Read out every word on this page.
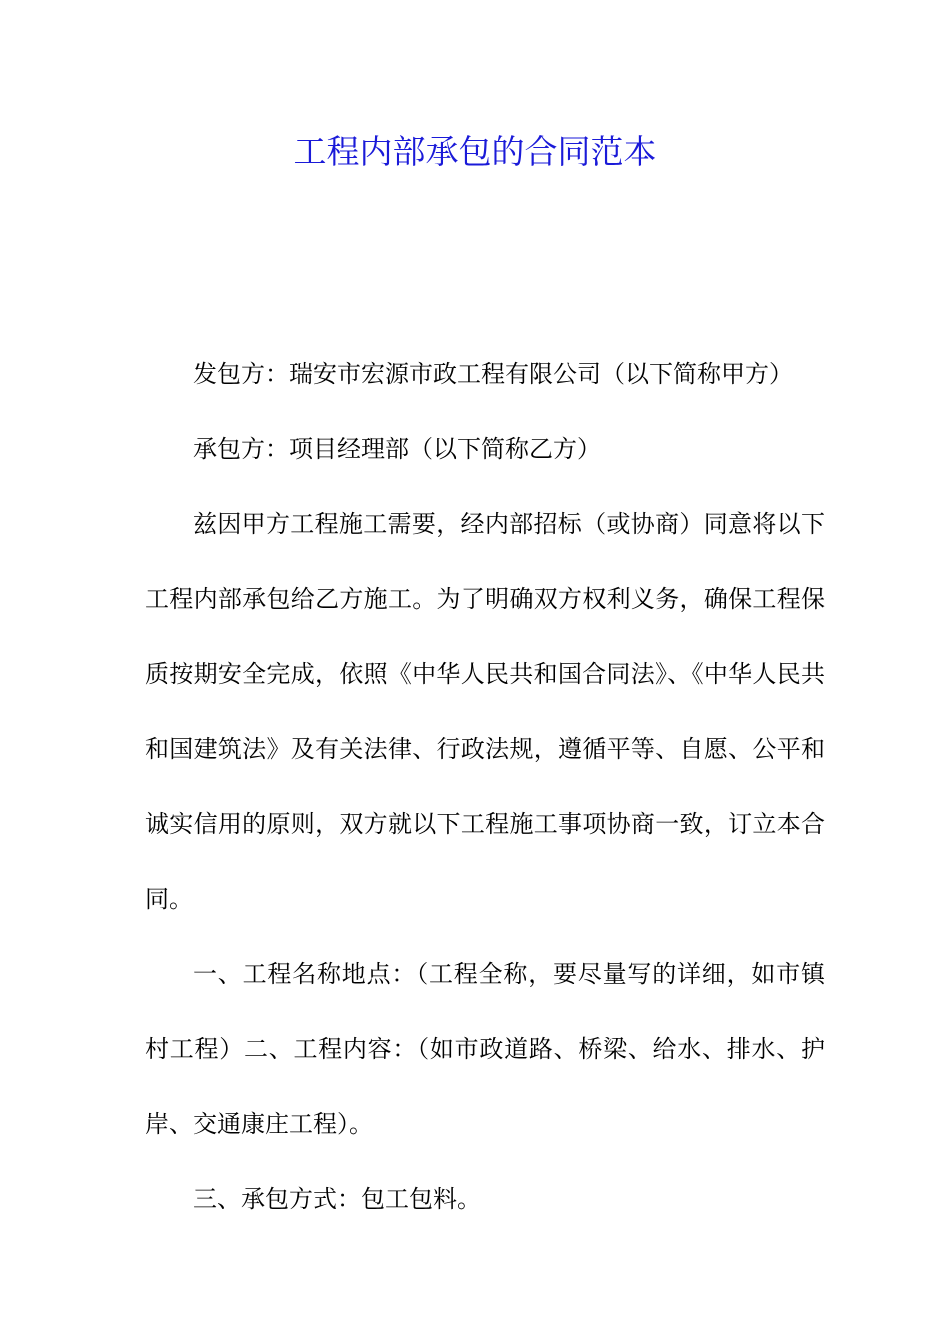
工程内部承包的合同范本

发包方：瑞安市宏源市政工程有限公司（以下简称甲方）

承包方：项目经理部（以下简称乙方）

兹因甲方工程施工需要，经内部招标（或协商）同意将以下工程内部承包给乙方施工。为了明确双方权利义务，确保工程保质按期安全完成，依照《中华人民共和国合同法》、《中华人民共和国建筑法》及有关法律、行政法规，遵循平等、自愿、公平和诚实信用的原则，双方就以下工程施工事项协商一致，订立本合同。

一、工程名称地点：（工程全称，要尽量写的详细，如市镇村工程）二、工程内容：（如市政道路、桥梁、给水、排水、护岸、交通康庄工程）。

三、承包方式：包工包料。
